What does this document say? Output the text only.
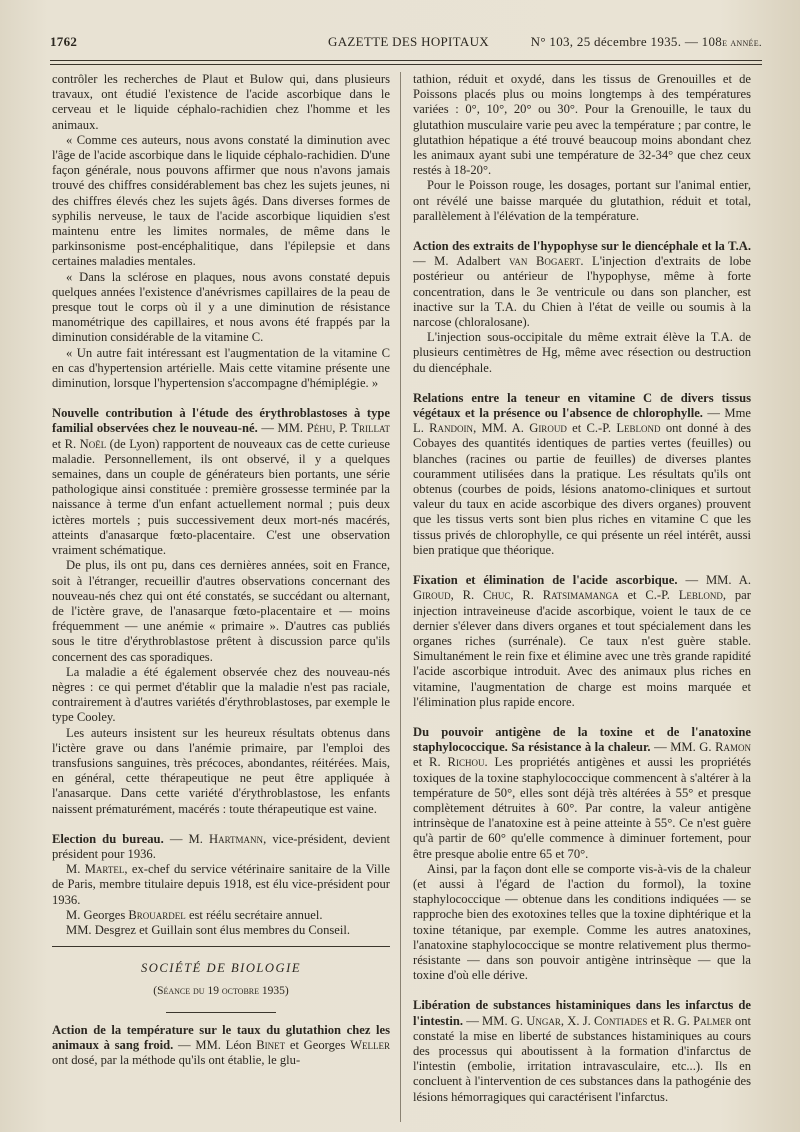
1762	GAZETTE DES HOPITAUX	N° 103, 25 décembre 1935. — 108e année.

contrôler les recherches de Plaut et Bulow qui, dans plusieurs travaux, ont étudié l'existence de l'acide ascorbique dans le cerveau et le liquide céphalo-rachidien chez l'homme et les animaux.

« Comme ces auteurs, nous avons constaté la diminution avec l'âge de l'acide ascorbique dans le liquide céphalo-rachidien. D'une façon générale, nous pouvons affirmer que nous n'avons jamais trouvé des chiffres considérablement bas chez les sujets jeunes, ni des chiffres élevés chez les sujets âgés. Dans diverses formes de syphilis nerveuse, le taux de l'acide ascorbique liquidien s'est maintenu entre les limites normales, de même dans le parkinsonisme post-encéphalitique, dans l'épilepsie et dans certaines maladies mentales.

« Dans la sclérose en plaques, nous avons constaté depuis quelques années l'existence d'anévrismes capillaires de la peau de presque tout le corps où il y a une diminution de résistance manométrique des capillaires, et nous avons été frappés par la diminution considérable de la vitamine C.

« Un autre fait intéressant est l'augmentation de la vitamine C en cas d'hypertension artérielle. Mais cette vitamine présente une diminution, lorsque l'hypertension s'accompagne d'hémiplégie. »

Nouvelle contribution à l'étude des érythroblastoses à type familial observées chez le nouveau-né. — MM. Péhu, P. Trillat et R. Noël (de Lyon) rapportent de nouveaux cas de cette curieuse maladie. Personnellement, ils ont observé, il y a quelques semaines, dans un couple de générateurs bien portants, une série pathologique ainsi constituée : première grossesse terminée par la naissance à terme d'un enfant actuellement normal ; puis deux ictères mortels ; puis successivement deux mort-nés macérés, atteints d'anasarque fœto-placentaire. C'est une observation vraiment schématique.

De plus, ils ont pu, dans ces dernières années, soit en France, soit à l'étranger, recueillir d'autres observations concernant des nouveau-nés chez qui ont été constatés, se succédant ou alternant, de l'ictère grave, de l'anasarque fœto-placentaire et — moins fréquemment — une anémie « primaire ». D'autres cas publiés sous le titre d'érythroblastose prêtent à discussion parce qu'ils concernent des cas sporadiques.

La maladie a été également observée chez des nouveau-nés nègres : ce qui permet d'établir que la maladie n'est pas raciale, contrairement à d'autres variétés d'érythroblastoses, par exemple le type Cooley.

Les auteurs insistent sur les heureux résultats obtenus dans l'ictère grave ou dans l'anémie primaire, par l'emploi des transfusions sanguines, très précoces, abondantes, réitérées. Mais, en général, cette thérapeutique ne peut être appliquée à l'anasarque. Dans cette variété d'érythroblastose, les enfants naissent prématurément, macérés : toute thérapeutique est vaine.

Election du bureau. — M. Hartmann, vice-président, devient président pour 1936.

M. Martel, ex-chef du service vétérinaire sanitaire de la Ville de Paris, membre titulaire depuis 1918, est élu vice-président pour 1936.

M. Georges Brouardel est réélu secrétaire annuel.

MM. Desgrez et Guillain sont élus membres du Conseil.

SOCIÉTÉ DE BIOLOGIE
(Séance du 19 octobre 1935)

Action de la température sur le taux du glutathion chez les animaux à sang froid. — MM. Léon Binet et Georges Weller ont dosé, par la méthode qu'ils ont établie, le glu-

tathion, réduit et oxydé, dans les tissus de Grenouilles et de Poissons placés plus ou moins longtemps à des températures variées : 0°, 10°, 20° ou 30°. Pour la Grenouille, le taux du glutathion musculaire varie peu avec la température ; par contre, le glutathion hépatique a été trouvé beaucoup moins abondant chez les animaux ayant subi une température de 32-34° que chez ceux restés à 18-20°.

Pour le Poisson rouge, les dosages, portant sur l'animal entier, ont révélé une baisse marquée du glutathion, réduit et total, parallèlement à l'élévation de la température.

Action des extraits de l'hypophyse sur le diencéphale et la T.A. — M. Adalbert van Bogaert. L'injection d'extraits de lobe postérieur ou antérieur de l'hypophyse, même à forte concentration, dans le 3e ventricule ou dans son plancher, est inactive sur la T.A. du Chien à l'état de veille ou soumis à la narcose (chloralosane).

L'injection sous-occipitale du même extrait élève la T.A. de plusieurs centimètres de Hg, même avec résection ou destruction du diencéphale.

Relations entre la teneur en vitamine C de divers tissus végétaux et la présence ou l'absence de chlorophylle. — Mme L. Randoin, MM. A. Giroud et C.-P. Leblond ont donné à des Cobayes des quantités identiques de parties vertes (feuilles) ou blanches (racines ou partie de feuilles) de diverses plantes couramment utilisées dans la pratique. Les résultats qu'ils ont obtenus (courbes de poids, lésions anatomo-cliniques et surtout valeur du taux en acide ascorbique des divers organes) prouvent que les tissus verts sont bien plus riches en vitamine C que les tissus privés de chlorophylle, ce qui présente un réel intérêt, aussi bien pratique que théorique.

Fixation et élimination de l'acide ascorbique. — MM. A. Giroud, R. Chuc, R. Ratsimamanga et C.-P. Leblond, par injection intraveineuse d'acide ascorbique, voient le taux de ce dernier s'élever dans divers organes et tout spécialement dans les organes riches (surrénale). Ce taux n'est guère stable. Simultanément le rein fixe et élimine avec une très grande rapidité l'acide ascorbique introduit. Avec des animaux plus riches en vitamine, l'augmentation de charge est moins marquée et l'élimination plus rapide encore.

Du pouvoir antigène de la toxine et de l'anatoxine staphylococcique. Sa résistance à la chaleur. — MM. G. Ramon et R. Richou. Les propriétés antigènes et aussi les propriétés toxiques de la toxine staphylococcique commencent à s'altérer à la température de 50°, elles sont déjà très altérées à 55° et presque complètement détruites à 60°. Par contre, la valeur antigène intrinsèque de l'anatoxine est à peine atteinte à 55°. Ce n'est guère qu'à partir de 60° qu'elle commence à diminuer fortement, pour être presque abolie entre 65 et 70°.

Ainsi, par la façon dont elle se comporte vis-à-vis de la chaleur (et aussi à l'égard de l'action du formol), la toxine staphylococcique — obtenue dans les conditions indiquées — se rapproche bien des exotoxines telles que la toxine diphtérique et la toxine tétanique, par exemple. Comme les autres anatoxines, l'anatoxine staphylococcique se montre relativement plus thermo-résistante — dans son pouvoir antigène intrinsèque — que la toxine d'où elle dérive.

Libération de substances histaminiques dans les infarctus de l'intestin. — MM. G. Ungar, X. J. Contiades et R. G. Palmer ont constaté la mise en liberté de substances histaminiques au cours des processus qui aboutissent à la formation d'infarctus de l'intestin (embolie, irritation intravasculaire, etc...). Ils en concluent à l'intervention de ces substances dans la pathogénie des lésions hémorragiques qui caractérisent l'infarctus.
